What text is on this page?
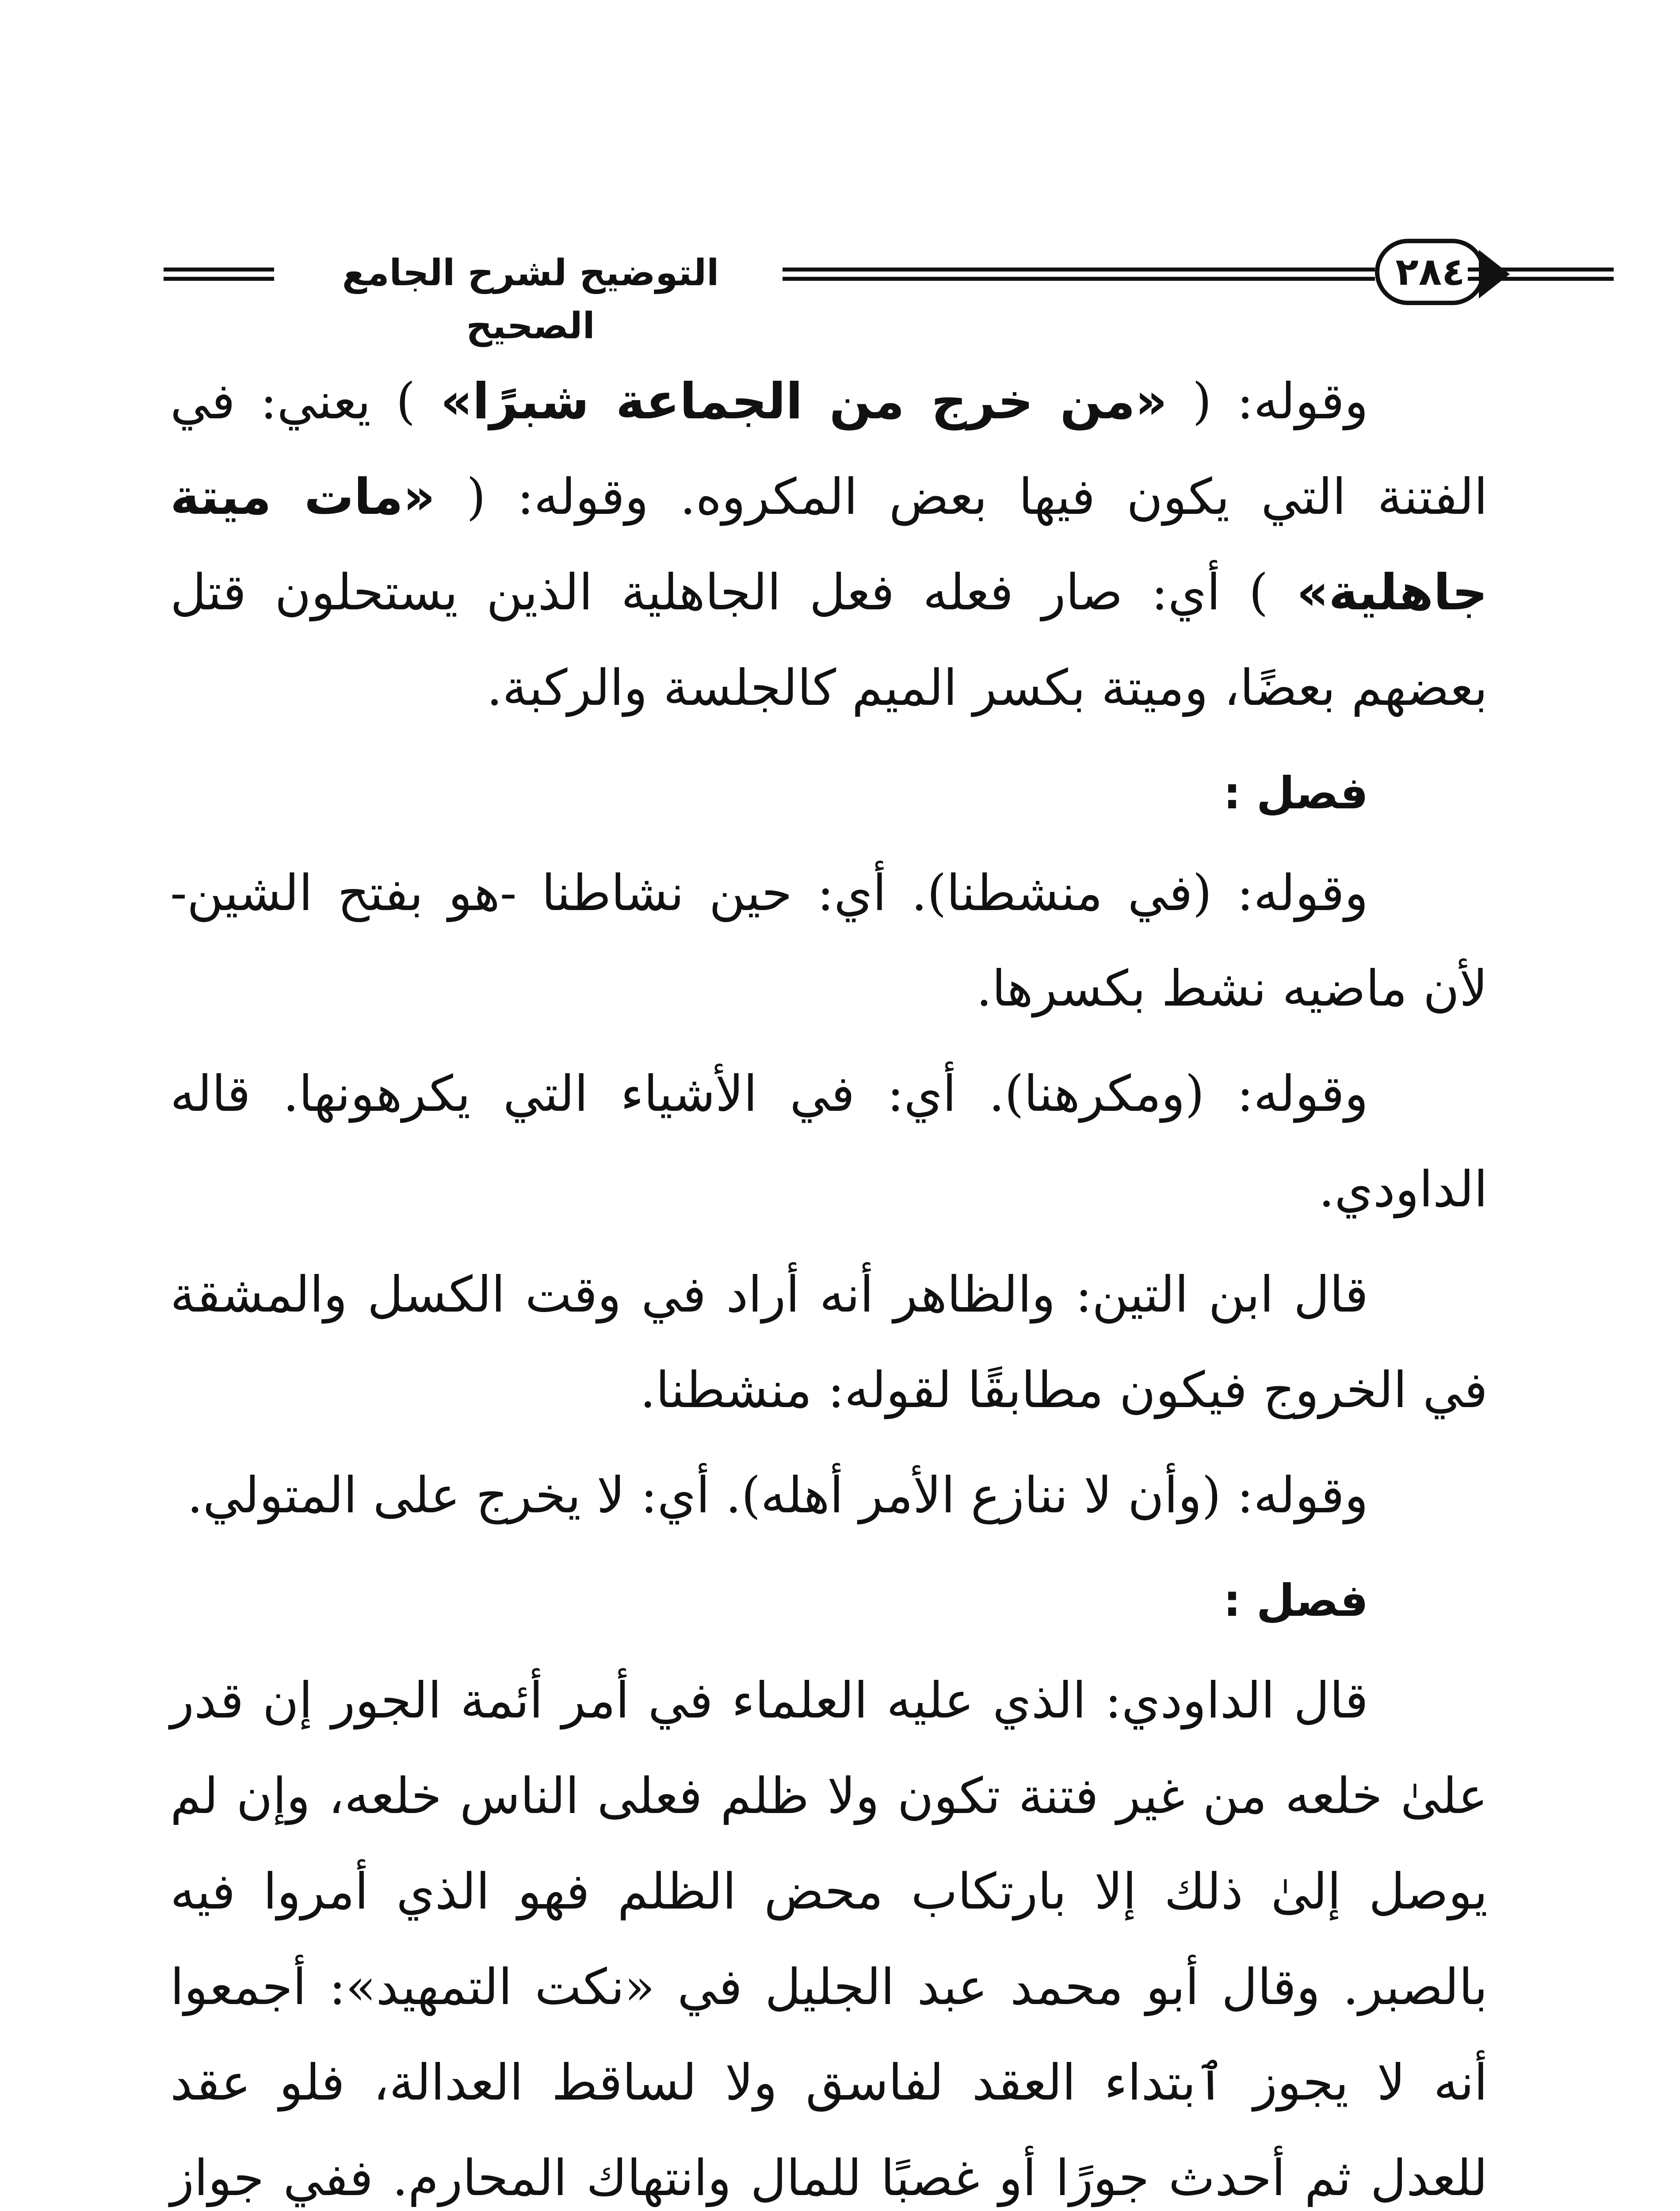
التوضيح لشرح الجامع الصحيح
٢٨٤

وقوله: ( «من خرج من الجماعة شبرًا» ) يعني: في الفتنة التي يكون فيها بعض المكروه. وقوله: ( «مات ميتة جاهلية» ) أي: صار فعله فعل الجاهلية الذين يستحلون قتل بعضهم بعضًا، وميتة بكسر الميم كالجلسة والركبة.

فصل :

وقوله: (في منشطنا). أي: حين نشاطنا -هو بفتح الشين- لأن ماضيه نشط بكسرها.

وقوله: (ومكرهنا). أي: في الأشياء التي يكرهونها. قاله الداودي.

قال ابن التين: والظاهر أنه أراد في وقت الكسل والمشقة في الخروج فيكون مطابقًا لقوله: منشطنا.

وقوله: (وأن لا ننازع الأمر أهله). أي: لا يخرج على المتولي.

فصل :

قال الداودي: الذي عليه العلماء في أمر أئمة الجور إن قدر علىٰ خلعه من غير فتنة تكون ولا ظلم فعلى الناس خلعه، وإن لم يوصل إلىٰ ذلك إلا بارتكاب محض الظلم فهو الذي أمروا فيه بالصبر. وقال أبو محمد عبد الجليل في «نكت التمهيد»: أجمعوا أنه لا يجوز ٱبتداء العقد لفاسق ولا لساقط العدالة، فلو عقد للعدل ثم أحدث جورًا أو غصبًا للمال وانتهاك المحارم. ففي جواز
